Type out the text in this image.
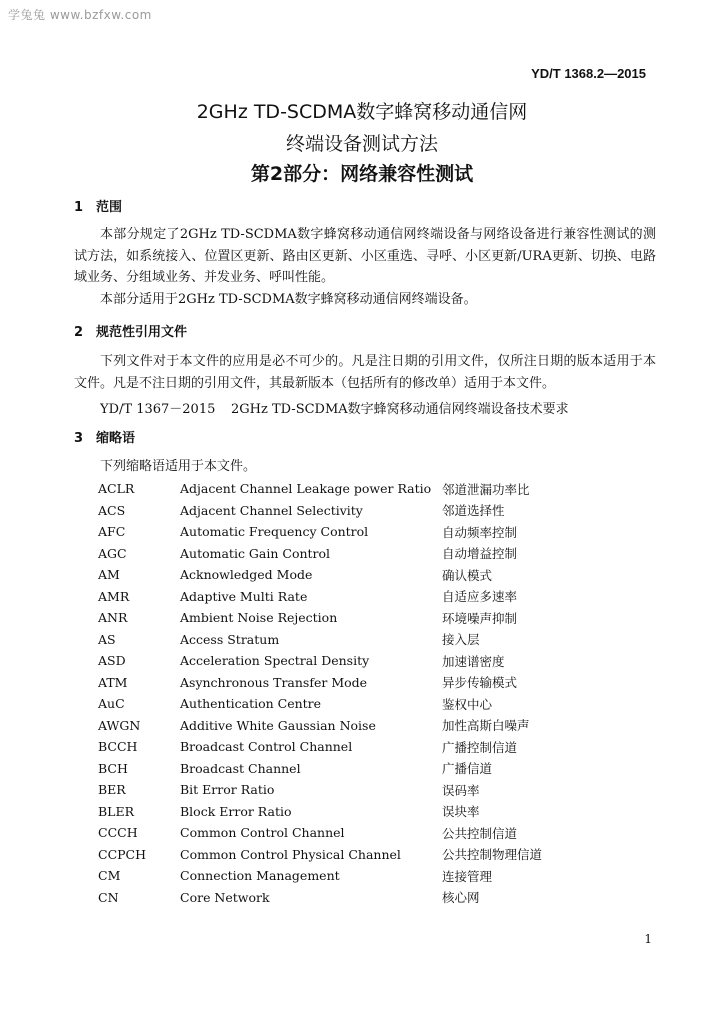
学兔兔 www.bzfxw.com
YD/T 1368.2—2015
2GHz TD-SCDMA数字蜂窝移动通信网
终端设备测试方法
第2部分：网络兼容性测试
1 范围
本部分规定了2GHz TD-SCDMA数字蜂窝移动通信网终端设备与网络设备进行兼容性测试的测试方法，如系统接入、位置区更新、路由区更新、小区重选、寻呼、小区更新/URA更新、切换、电路域业务、分组域业务、并发业务、呼叫性能。
本部分适用于2GHz TD-SCDMA数字蜂窝移动通信网终端设备。
2 规范性引用文件
下列文件对于本文件的应用是必不可少的。凡是注日期的引用文件，仅所注日期的版本适用于本文件。凡是不注日期的引用文件，其最新版本（包括所有的修改单）适用于本文件。
YD/T 1367－2015 2GHz TD-SCDMA数字蜂窝移动通信网终端设备技术要求
3 缩略语
下列缩略语适用于本文件。
ACLR	Adjacent Channel Leakage power Ratio	邻道泄漏功率比
ACS	Adjacent Channel Selectivity	邻道选择性
AFC	Automatic Frequency Control	自动频率控制
AGC	Automatic Gain Control	自动增益控制
AM	Acknowledged Mode	确认模式
AMR	Adaptive Multi Rate	自适应多速率
ANR	Ambient Noise Rejection	环境噪声抑制
AS	Access Stratum	接入层
ASD	Acceleration Spectral Density	加速谱密度
ATM	Asynchronous Transfer Mode	异步传输模式
AuC	Authentication Centre	鉴权中心
AWGN	Additive White Gaussian Noise	加性高斯白噪声
BCCH	Broadcast Control Channel	广播控制信道
BCH	Broadcast Channel	广播信道
BER	Bit Error Ratio	误码率
BLER	Block Error Ratio	误块率
CCCH	Common Control Channel	公共控制信道
CCPCH	Common Control Physical Channel	公共控制物理信道
CM	Connection Management	连接管理
CN	Core Network	核心网
1
